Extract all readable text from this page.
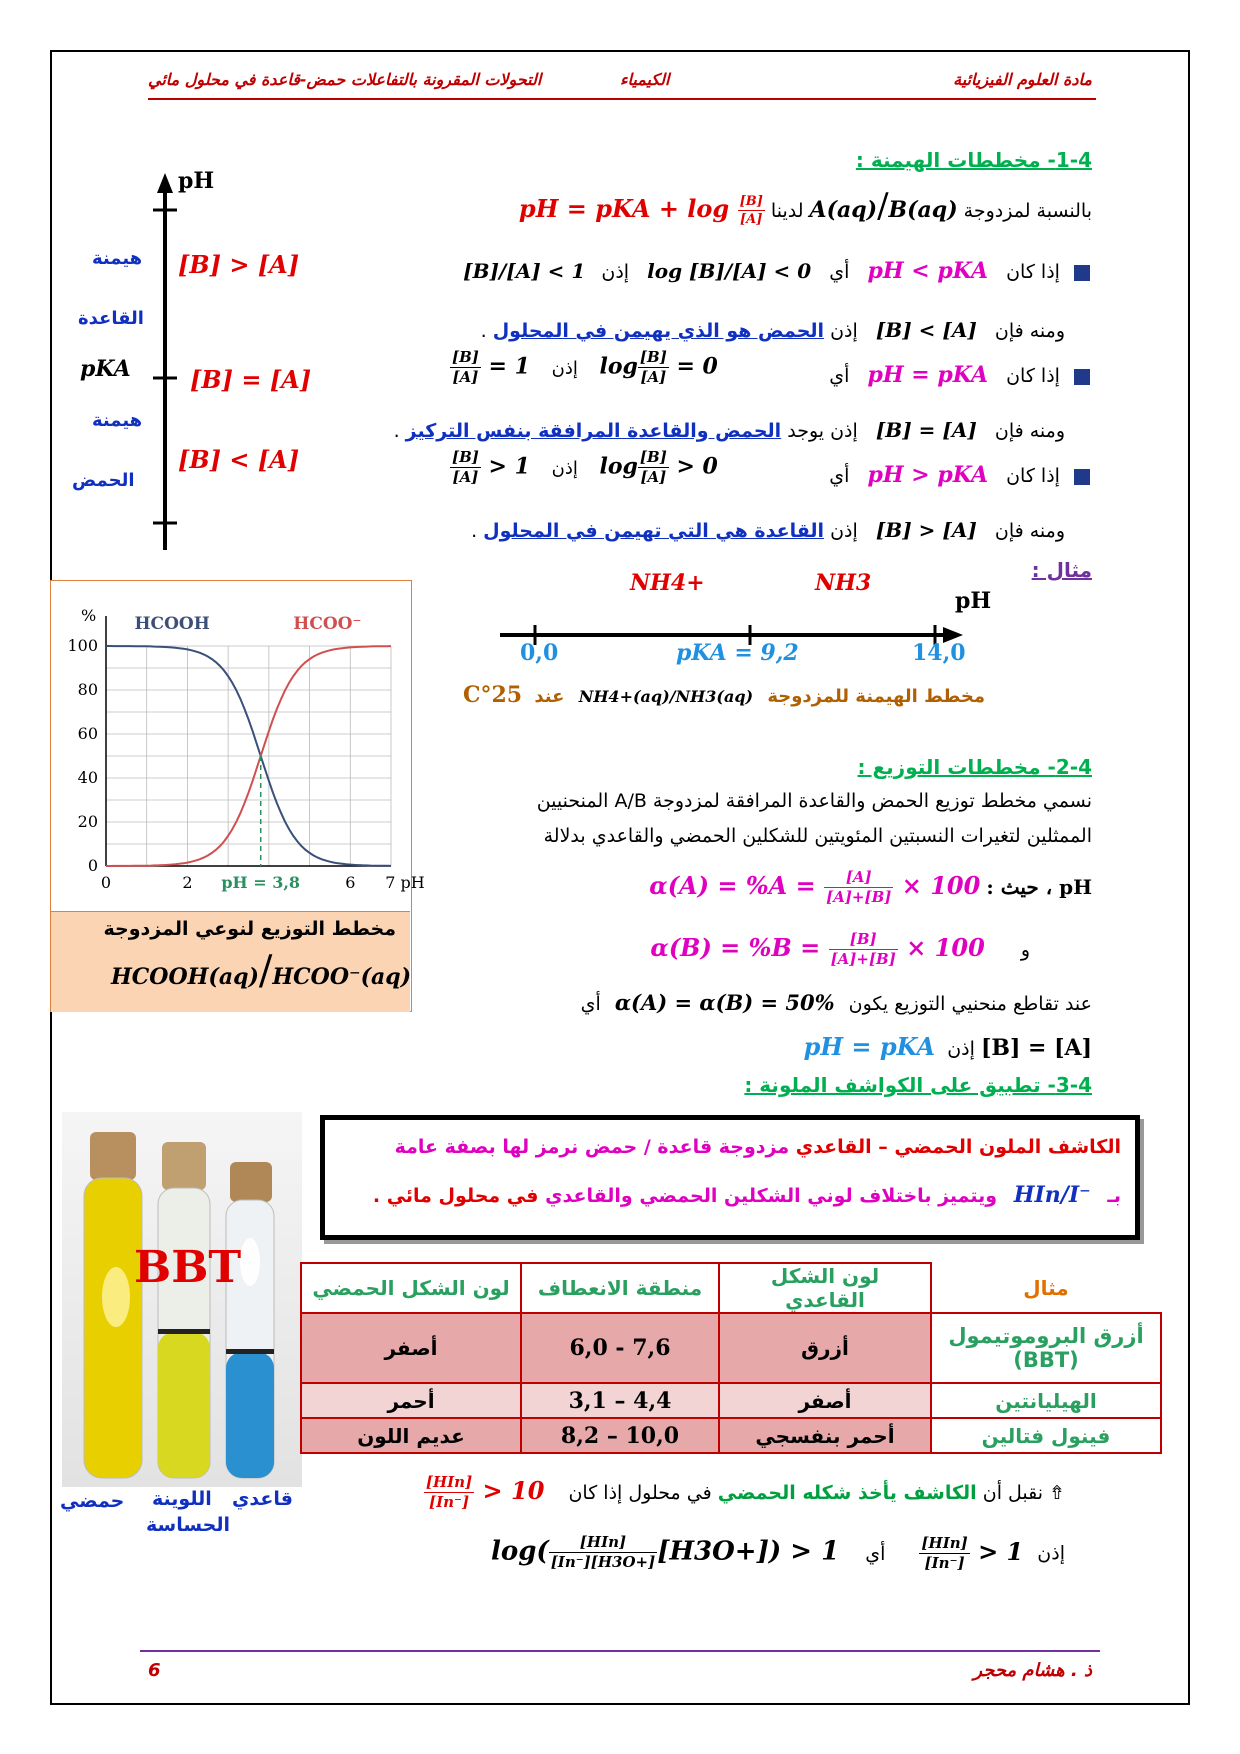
مادة العلوم الفيزيائية
الكيمياء
التحولات المقرونة بالتفاعلات حمض-قاعدة في محلول مائي
1-4- مخططات الهيمنة :
بالنسبة لمزدوجة A(aq)/B(aq) لدينا pH = pKA + $\log \frac{[B]}{[A]}$
إذا كان pH < pKA أي log [B]/[A] < 0 إذن [B]/[A] < 1
ومنه فإن [B] < [A] إذن الحمض هو الذي يهيمن في المحلول .
إذا كان pH = pKA أي
ومنه فإن [B] = [A] إذن يوجد الحمض والقاعدة المرافقة بنفس التركيز .
إذا كان pH > pKA أي
ومنه فإن [B] > [A] إذن القاعدة هي التي تهيمن في المحلول .
$\frac{[B]}{[A]} = 1$ إذن $\log \frac{[B]}{[A]} = 0$
$\frac{[B]}{[A]} > 1$ إذن $\log \frac{[B]}{[A]} > 0$
pH
[B] > [A]
[B] = [A]
[B] < [A]
pKA
هيمنة
القاعدة
هيمنة
الحمض
مثال :
NH4+	NH3
pH
0,0	pKA = 9,2	14,0
مخطط الهيمنة للمزدوجة NH4+(aq)/NH3(aq) عند 25°C
0
20
40
60
80
100
%
0	2	6 7 pH
HCOOH	HCOO⁻
pH = 3,8
مخطط التوزيع لنوعي المزدوجة
HCOOH(aq)/HCOO⁻(aq)
2-4- مخططات التوزيع :
نسمي مخطط توزيع الحمض والقاعدة المرافقة لمزدوجة A/B المنحنيين
الممثلين لتغيرات النسبتين المئويتين للشكلين الحمضي والقاعدي بدلالة
pH ، حيث : $\alpha(A) = \%A = \frac{[A]}{[A]+[B]} \times 100$
و $\alpha(B) = \%B = \frac{[B]}{[A]+[B]} \times 100$
عند تقاطع منحنيي التوزيع يكون α(A) = α(B) = 50% أي
[B] = [A] إذن pH = pKA
3-4- تطبيق على الكواشف الملونة :
الكاشف الملون الحمضي – القاعدي مزدوجة قاعدة / حمض نرمز لها بصفة عامة
بـ HIn/I⁻ ويتميز باختلاف لوني الشكلين الحمضي والقاعدي في محلول مائي .
BBT
قاعدي
اللوينة
الحساسة
حمضي
لون الشكل الحمضي	منطقة الانعطاف	لون الشكل القاعدي	مثال
أصفر	6,0 - 7,6	أزرق	أزرق البروموتيمول (BBT)
أحمر	3,1 – 4,4	أصفر	الهيليانتين
عديم اللون	8,2 – 10,0	أحمر بنفسجي	فينول فتالين
⇮ نقبل أن الكاشف يأخذ شكله الحمضي في محلول إذا كان
$\frac{\text{[HIn]}}{[In^-]} > 10$
إذن
$\frac{\text{[HIn]}}{[In^-]} > 1$ أي $\log( \frac{\text{[HIn]}}{[In^-][H3O+]} [H3O+]) > 1$
6	ذ . هشام محجر
